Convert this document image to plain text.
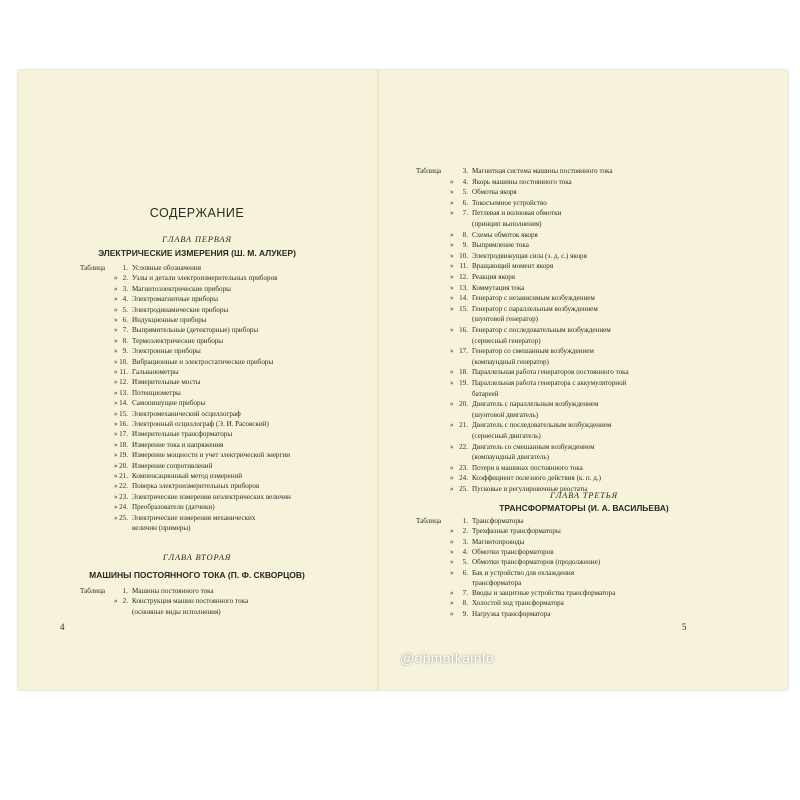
СОДЕРЖАНИЕ
ГЛАВА ПЕРВАЯ
ЭЛЕКТРИЧЕСКИЕ ИЗМЕРЕНИЯ (Ш. М. АЛУКЕР)
Таблица	1. Условные обозначения
» 2. Узлы и детали электроизмерительных приборов
» 3. Магнитоэлектрические приборы
» 4. Электромагнитные приборы
» 5. Электродинамические приборы
» 6. Индукционные приборы
» 7. Выпрямительные (детекторные) приборы
» 8. Термоэлектрические приборы
» 9. Электронные приборы
» 10. Вибрационные и электростатические приборы
» 11. Гальванометры
» 12. Измерительные мосты
» 13. Потенциометры
» 14. Самопишущие приборы
» 15. Электромеханический осциллограф
» 16. Электронный осциллограф (Э. И. Расовский)
» 17. Измерительные трансформаторы
» 18. Измерение тока и напряжения
» 19. Измерение мощности и учет электрической энергии
» 20. Измерение сопротивлений
» 21. Компенсационный метод измерений
» 22. Поверка электроизмерительных приборов
» 23. Электрические измерения неэлектрических величин
» 24. Преобразователи (датчики)
» 25. Электрические измерения механических
величин (примеры)
ГЛАВА ВТОРАЯ
МАШИНЫ ПОСТОЯННОГО ТОКА (П. Ф. СКВОРЦОВ)
Таблица	1. Машины постоянного тока
» 2. Конструкция машин постоянного тока
(основные виды исполнения)
4
Таблица	3. Магнитная система машины постоянного тока
»	4. Якорь машины постоянного тока
»	5. Обмотка якоря
»	6. Токосъемное устройство
»	7. Петлевая и волновая обмотки
(принцип выполнения)
»	8. Схемы обмоток якоря
»	9. Выпрямление тока
» 10. Электродвижущая сила (э. д. с.) якоря
» 11. Вращающий момент якоря
» 12. Реакция якоря
» 13. Коммутация тока
» 14. Генератор с независимым возбуждением
» 15. Генератор с параллельным возбуждением
(шунтовой генератор)
» 16. Генератор с последовательным возбуждением
(сериесный генератор)
» 17. Генератор со смешанным возбуждением
(компаундный генератор)
» 18. Параллельная работа генераторов постоянного тока
» 19. Параллельная работа генератора с аккумуляторной
батареей
» 20. Двигатель с параллельным возбуждением
(шунтовой двигатель)
» 21. Двигатель с последовательным возбуждением
(сериесный двигатель)
» 22. Двигатель со смешанным возбуждением
(компаундный двигатель)
» 23. Потери в машинах постоянного тока
» 24. Коэффициент полезного действия (к. п. д.)
» 25. Пусковые и регулировочные реостаты
ГЛАВА ТРЕТЬЯ
ТРАНСФОРМАТОРЫ (И. А. ВАСИЛЬЕВА)
Таблица	1. Трансформаторы
»	2. Трехфазные трансформаторы
»	3. Магнитопроводы
»	4. Обмотки трансформаторов
»	5. Обмотки трансформаторов (продолжение)
»	6. Бак и устройство для охлаждения
трансформатора
»	7. Вводы и защитные устройства трансформатора
»	8. Холостой ход трансформатора
»	9. Нагрузка трансформатора
5
@obmotkainfo
